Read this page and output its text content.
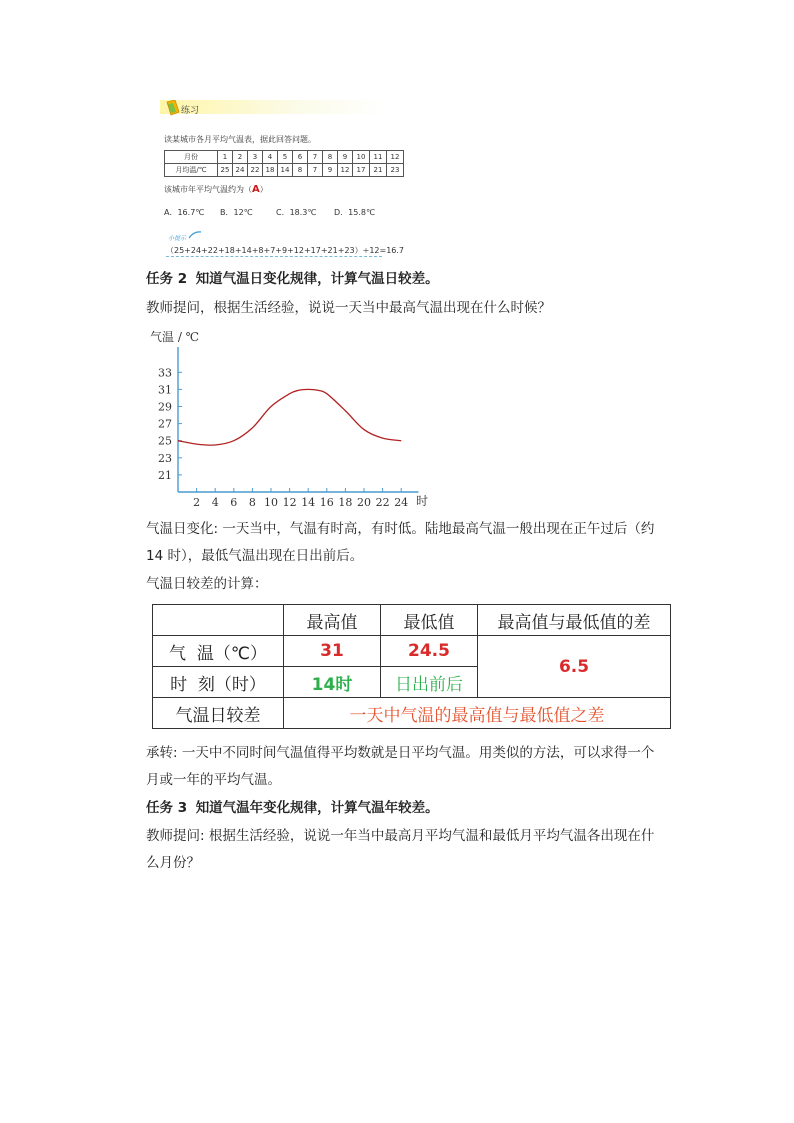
练习
读某城市各月平均气温表，据此回答问题。
月份	1	2	3	4	5	6	7	8	9	10	11	12
月均温/℃	25	24	22	18	14	8	7	9	12	17	21	23
该城市年平均气温约为（A）
A．16.7℃ B．12℃	C．18.3℃ D．15.8℃
小提示
（25+24+22+18+14+8+7+9+12+17+21+23）÷12=16.7
任务 2 知道气温日变化规律，计算气温日较差。
教师提问，根据生活经验，说说一天当中最高气温出现在什么时候？
21
23
25
27
29
31
33
2 4 6 8 10 12 14 16 18 20 22 24
气温 / ℃
时
气温日变化: 一天当中，气温有时高，有时低。陆地最高气温一般出现在正午过后（约
14 时），最低气温出现在日出前后。
气温日较差的计算：
	最高值	最低值	最高值与最低值的差
气  温（℃）	31	24.5	6.5
时  刻（时）	14时	日出前后	
气温日较差	一天中气温的最高值与最低值之差		
承转: 一天中不同时间气温值得平均数就是日平均气温。用类似的方法，可以求得一个
月或一年的平均气温。
任务 3 知道气温年变化规律，计算气温年较差。
教师提问: 根据生活经验，说说一年当中最高月平均气温和最低月平均气温各出现在什
么月份？
